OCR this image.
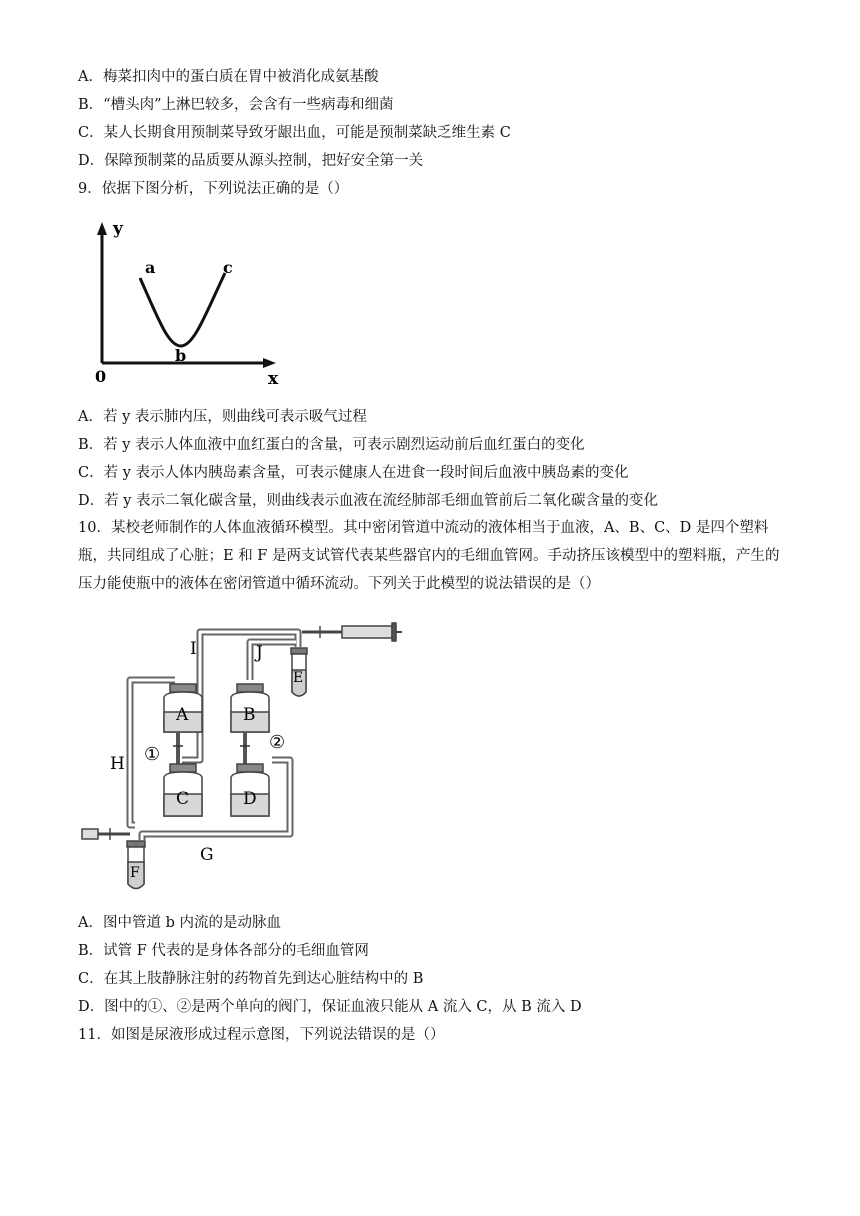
A．梅菜扣肉中的蛋白质在胃中被消化成氨基酸
B．“槽头肉”上淋巴较多，会含有一些病毒和细菌
C．某人长期食用预制菜导致牙龈出血，可能是预制菜缺乏维生素 C
D．保障预制菜的品质要从源头控制，把好安全第一关
9．依据下图分析，下列说法正确的是（）
y
x
0
a
b
c
A．若 y 表示肺内压，则曲线可表示吸气过程
B．若 y 表示人体血液中血红蛋白的含量，可表示剧烈运动前后血红蛋白的变化
C．若 y 表示人体内胰岛素含量，可表示健康人在进食一段时间后血液中胰岛素的变化
D．若 y 表示二氧化碳含量，则曲线表示血液在流经肺部毛细血管前后二氧化碳含量的变化
10．某校老师制作的人体血液循环模型。其中密闭管道中流动的液体相当于血液，A、B、C、D 是四个塑料瓶，共同组成了心脏；E 和 F 是两支试管代表某些器官内的毛细血管网。手动挤压该模型中的塑料瓶，产生的压力能使瓶中的液体在密闭管道中循环流动。下列关于此模型的说法错误的是（）
A	B
C	D
E
F
G
H
I	J
①
②
A．图中管道 b 内流的是动脉血
B．试管 F 代表的是身体各部分的毛细血管网
C．在其上肢静脉注射的药物首先到达心脏结构中的 B
D．图中的①、②是两个单向的阀门，保证血液只能从 A 流入 C，从 B 流入 D
11．如图是尿液形成过程示意图，下列说法错误的是（）
